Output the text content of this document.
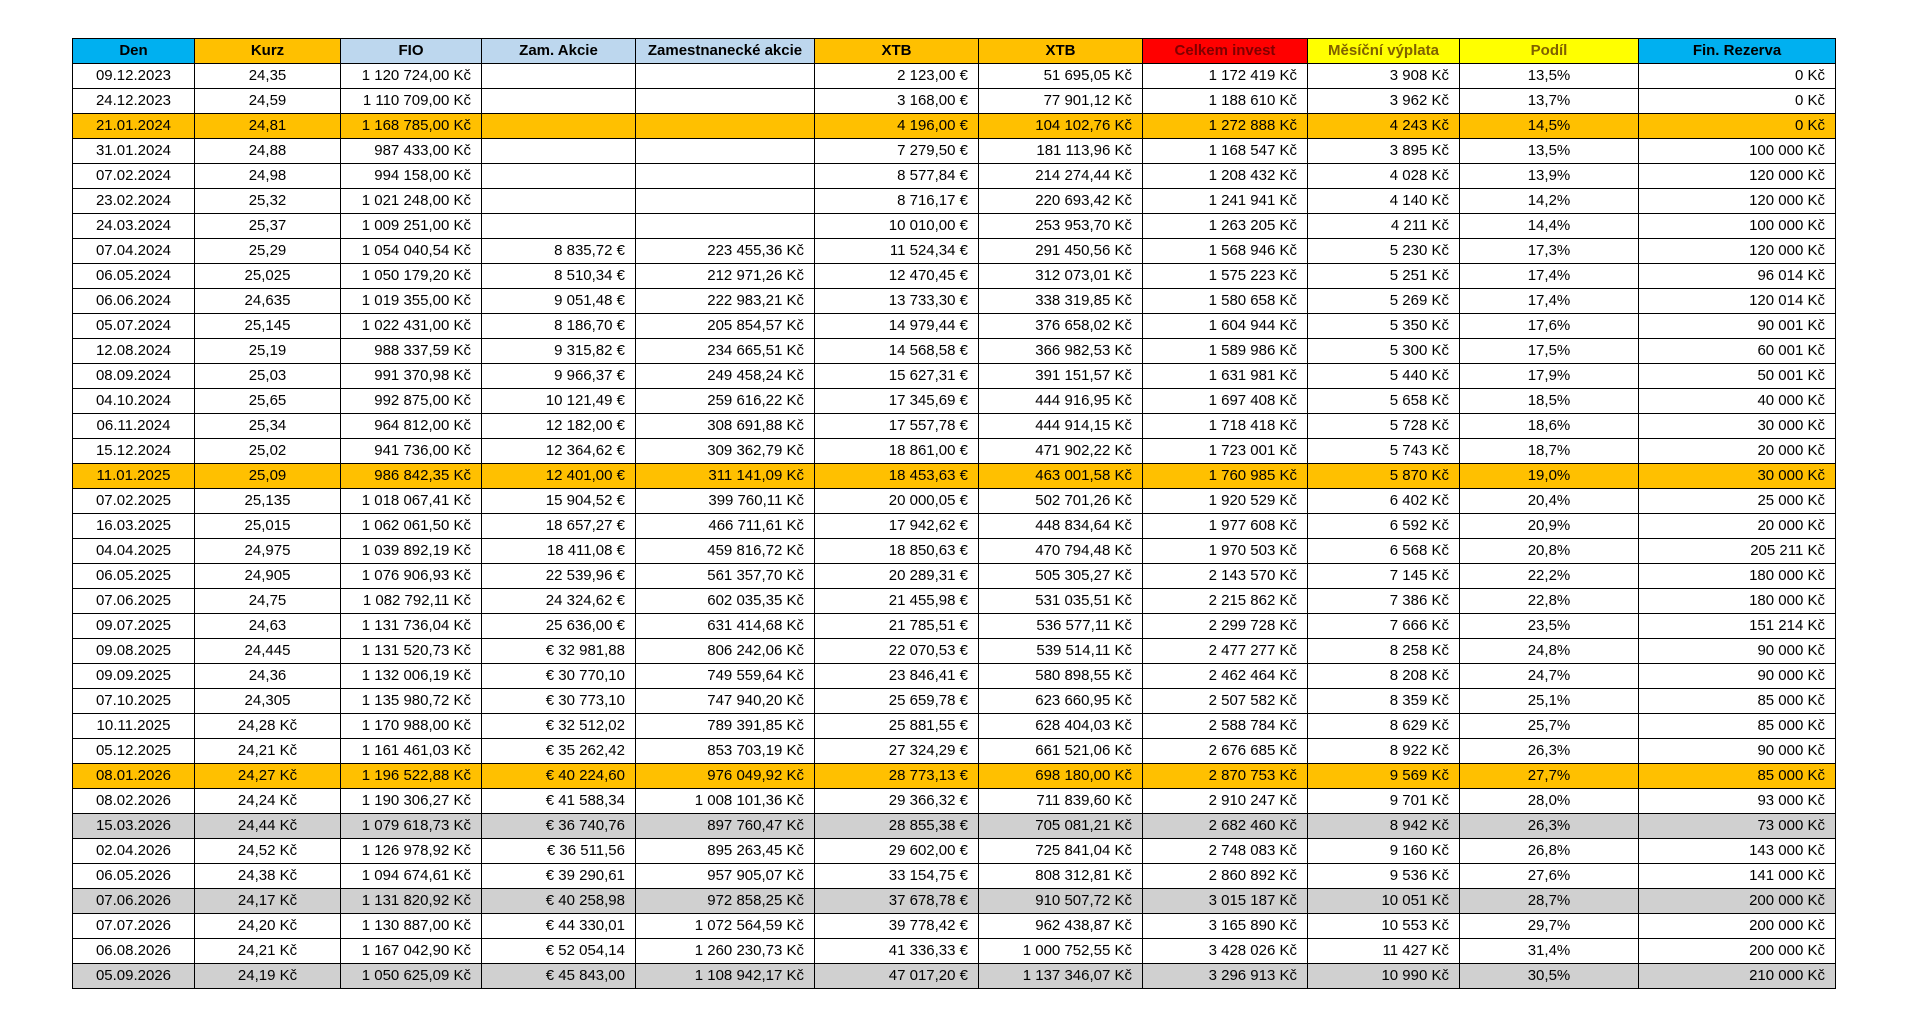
Den	Kurz	FIO	Zam. Akcie	Zamestnanecké akcie	XTB	XTB	Celkem invest	Měsíční výplata	Podíl	Fin. Rezerva
09.12.2023	24,35	1 120 724,00 Kč			2 123,00 €	51 695,05 Kč	1 172 419 Kč	3 908 Kč	13,5%	0 Kč
24.12.2023	24,59	1 110 709,00 Kč			3 168,00 €	77 901,12 Kč	1 188 610 Kč	3 962 Kč	13,7%	0 Kč
21.01.2024	24,81	1 168 785,00 Kč			4 196,00 €	104 102,76 Kč	1 272 888 Kč	4 243 Kč	14,5%	0 Kč
31.01.2024	24,88	987 433,00 Kč			7 279,50 €	181 113,96 Kč	1 168 547 Kč	3 895 Kč	13,5%	100 000 Kč
07.02.2024	24,98	994 158,00 Kč			8 577,84 €	214 274,44 Kč	1 208 432 Kč	4 028 Kč	13,9%	120 000 Kč
23.02.2024	25,32	1 021 248,00 Kč			8 716,17 €	220 693,42 Kč	1 241 941 Kč	4 140 Kč	14,2%	120 000 Kč
24.03.2024	25,37	1 009 251,00 Kč			10 010,00 €	253 953,70 Kč	1 263 205 Kč	4 211 Kč	14,4%	100 000 Kč
07.04.2024	25,29	1 054 040,54 Kč	8 835,72 €	223 455,36 Kč	11 524,34 €	291 450,56 Kč	1 568 946 Kč	5 230 Kč	17,3%	120 000 Kč
06.05.2024	25,025	1 050 179,20 Kč	8 510,34 €	212 971,26 Kč	12 470,45 €	312 073,01 Kč	1 575 223 Kč	5 251 Kč	17,4%	96 014 Kč
06.06.2024	24,635	1 019 355,00 Kč	9 051,48 €	222 983,21 Kč	13 733,30 €	338 319,85 Kč	1 580 658 Kč	5 269 Kč	17,4%	120 014 Kč
05.07.2024	25,145	1 022 431,00 Kč	8 186,70 €	205 854,57 Kč	14 979,44 €	376 658,02 Kč	1 604 944 Kč	5 350 Kč	17,6%	90 001 Kč
12.08.2024	25,19	988 337,59 Kč	9 315,82 €	234 665,51 Kč	14 568,58 €	366 982,53 Kč	1 589 986 Kč	5 300 Kč	17,5%	60 001 Kč
08.09.2024	25,03	991 370,98 Kč	9 966,37 €	249 458,24 Kč	15 627,31 €	391 151,57 Kč	1 631 981 Kč	5 440 Kč	17,9%	50 001 Kč
04.10.2024	25,65	992 875,00 Kč	10 121,49 €	259 616,22 Kč	17 345,69 €	444 916,95 Kč	1 697 408 Kč	5 658 Kč	18,5%	40 000 Kč
06.11.2024	25,34	964 812,00 Kč	12 182,00 €	308 691,88 Kč	17 557,78 €	444 914,15 Kč	1 718 418 Kč	5 728 Kč	18,6%	30 000 Kč
15.12.2024	25,02	941 736,00 Kč	12 364,62 €	309 362,79 Kč	18 861,00 €	471 902,22 Kč	1 723 001 Kč	5 743 Kč	18,7%	20 000 Kč
11.01.2025	25,09	986 842,35 Kč	12 401,00 €	311 141,09 Kč	18 453,63 €	463 001,58 Kč	1 760 985 Kč	5 870 Kč	19,0%	30 000 Kč
07.02.2025	25,135	1 018 067,41 Kč	15 904,52 €	399 760,11 Kč	20 000,05 €	502 701,26 Kč	1 920 529 Kč	6 402 Kč	20,4%	25 000 Kč
16.03.2025	25,015	1 062 061,50 Kč	18 657,27 €	466 711,61 Kč	17 942,62 €	448 834,64 Kč	1 977 608 Kč	6 592 Kč	20,9%	20 000 Kč
04.04.2025	24,975	1 039 892,19 Kč	18 411,08 €	459 816,72 Kč	18 850,63 €	470 794,48 Kč	1 970 503 Kč	6 568 Kč	20,8%	205 211 Kč
06.05.2025	24,905	1 076 906,93 Kč	22 539,96 €	561 357,70 Kč	20 289,31 €	505 305,27 Kč	2 143 570 Kč	7 145 Kč	22,2%	180 000 Kč
07.06.2025	24,75	1 082 792,11 Kč	24 324,62 €	602 035,35 Kč	21 455,98 €	531 035,51 Kč	2 215 862 Kč	7 386 Kč	22,8%	180 000 Kč
09.07.2025	24,63	1 131 736,04 Kč	25 636,00 €	631 414,68 Kč	21 785,51 €	536 577,11 Kč	2 299 728 Kč	7 666 Kč	23,5%	151 214 Kč
09.08.2025	24,445	1 131 520,73 Kč	€ 32 981,88	806 242,06 Kč	22 070,53 €	539 514,11 Kč	2 477 277 Kč	8 258 Kč	24,8%	90 000 Kč
09.09.2025	24,36	1 132 006,19 Kč	€ 30 770,10	749 559,64 Kč	23 846,41 €	580 898,55 Kč	2 462 464 Kč	8 208 Kč	24,7%	90 000 Kč
07.10.2025	24,305	1 135 980,72 Kč	€ 30 773,10	747 940,20 Kč	25 659,78 €	623 660,95 Kč	2 507 582 Kč	8 359 Kč	25,1%	85 000 Kč
10.11.2025	24,28 Kč	1 170 988,00 Kč	€ 32 512,02	789 391,85 Kč	25 881,55 €	628 404,03 Kč	2 588 784 Kč	8 629 Kč	25,7%	85 000 Kč
05.12.2025	24,21 Kč	1 161 461,03 Kč	€ 35 262,42	853 703,19 Kč	27 324,29 €	661 521,06 Kč	2 676 685 Kč	8 922 Kč	26,3%	90 000 Kč
08.01.2026	24,27 Kč	1 196 522,88 Kč	€ 40 224,60	976 049,92 Kč	28 773,13 €	698 180,00 Kč	2 870 753 Kč	9 569 Kč	27,7%	85 000 Kč
08.02.2026	24,24 Kč	1 190 306,27 Kč	€ 41 588,34	1 008 101,36 Kč	29 366,32 €	711 839,60 Kč	2 910 247 Kč	9 701 Kč	28,0%	93 000 Kč
15.03.2026	24,44 Kč	1 079 618,73 Kč	€ 36 740,76	897 760,47 Kč	28 855,38 €	705 081,21 Kč	2 682 460 Kč	8 942 Kč	26,3%	73 000 Kč
02.04.2026	24,52 Kč	1 126 978,92 Kč	€ 36 511,56	895 263,45 Kč	29 602,00 €	725 841,04 Kč	2 748 083 Kč	9 160 Kč	26,8%	143 000 Kč
06.05.2026	24,38 Kč	1 094 674,61 Kč	€ 39 290,61	957 905,07 Kč	33 154,75 €	808 312,81 Kč	2 860 892 Kč	9 536 Kč	27,6%	141 000 Kč
07.06.2026	24,17 Kč	1 131 820,92 Kč	€ 40 258,98	972 858,25 Kč	37 678,78 €	910 507,72 Kč	3 015 187 Kč	10 051 Kč	28,7%	200 000 Kč
07.07.2026	24,20 Kč	1 130 887,00 Kč	€ 44 330,01	1 072 564,59 Kč	39 778,42 €	962 438,87 Kč	3 165 890 Kč	10 553 Kč	29,7%	200 000 Kč
06.08.2026	24,21 Kč	1 167 042,90 Kč	€ 52 054,14	1 260 230,73 Kč	41 336,33 €	1 000 752,55 Kč	3 428 026 Kč	11 427 Kč	31,4%	200 000 Kč
05.09.2026	24,19 Kč	1 050 625,09 Kč	€ 45 843,00	1 108 942,17 Kč	47 017,20 €	1 137 346,07 Kč	3 296 913 Kč	10 990 Kč	30,5%	210 000 Kč
